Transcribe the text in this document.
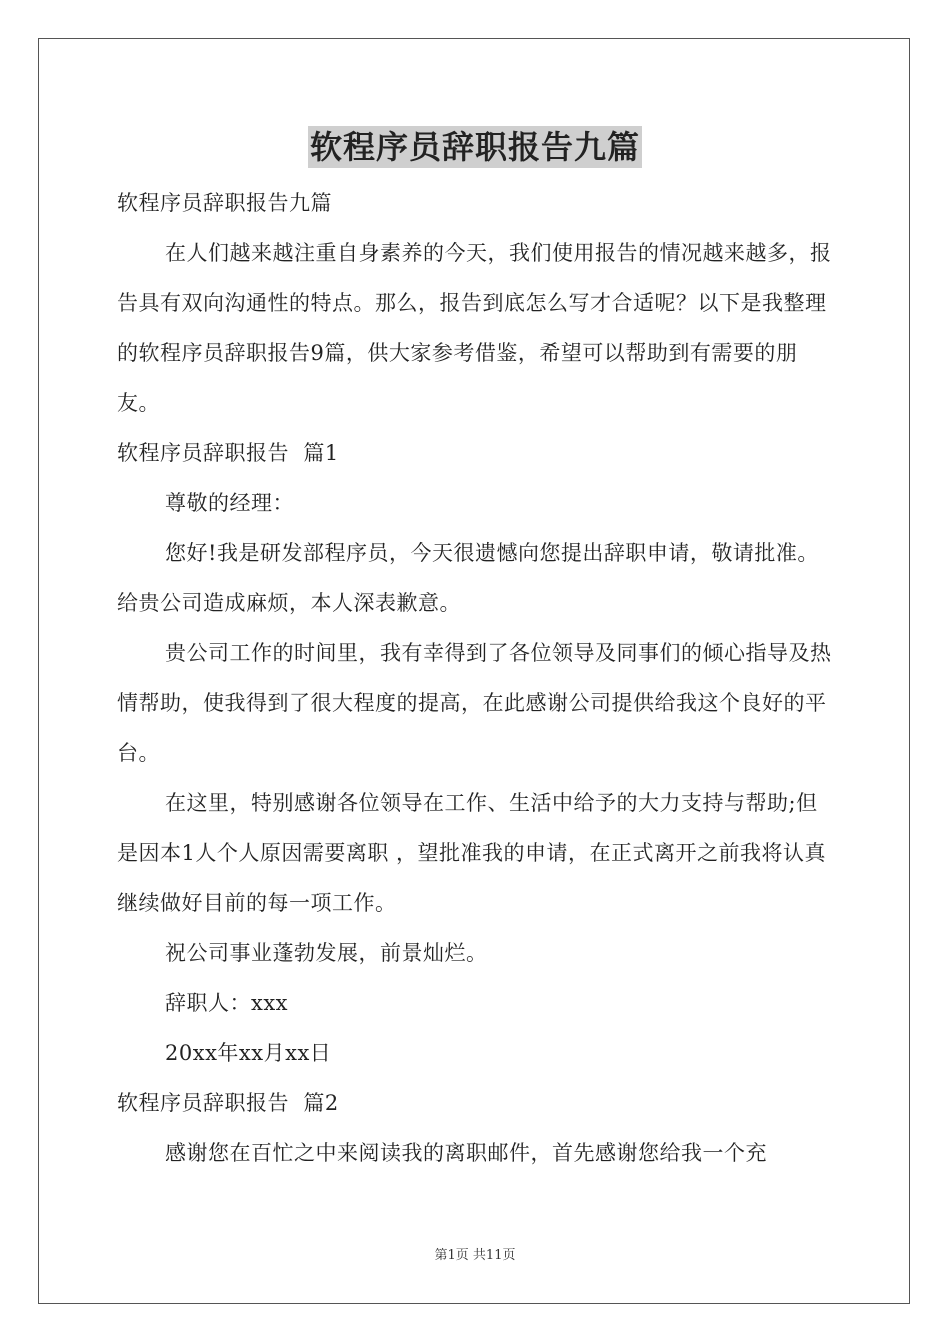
软程序员辞职报告九篇

软程序员辞职报告九篇

在人们越来越注重自身素养的今天，我们使用报告的情况越来越多，报告具有双向沟通性的特点。那么，报告到底怎么写才合适呢？以下是我整理的软程序员辞职报告9篇，供大家参考借鉴，希望可以帮助到有需要的朋友。

软程序员辞职报告  篇1

尊敬的经理：

您好!我是研发部程序员，今天很遗憾向您提出辞职申请，敬请批准。给贵公司造成麻烦，本人深表歉意。

贵公司工作的时间里，我有幸得到了各位领导及同事们的倾心指导及热情帮助，使我得到了很大程度的提高，在此感谢公司提供给我这个良好的平台。

在这里，特别感谢各位领导在工作、生活中给予的大力支持与帮助;但是因本1人个人原因需要离职 ，望批准我的申请，在正式离开之前我将认真继续做好目前的每一项工作。

祝公司事业蓬勃发展，前景灿烂。

辞职人：xxx

20xx年xx月xx日

软程序员辞职报告  篇2

感谢您在百忙之中来阅读我的离职邮件，首先感谢您给我一个充

第1页 共11页
